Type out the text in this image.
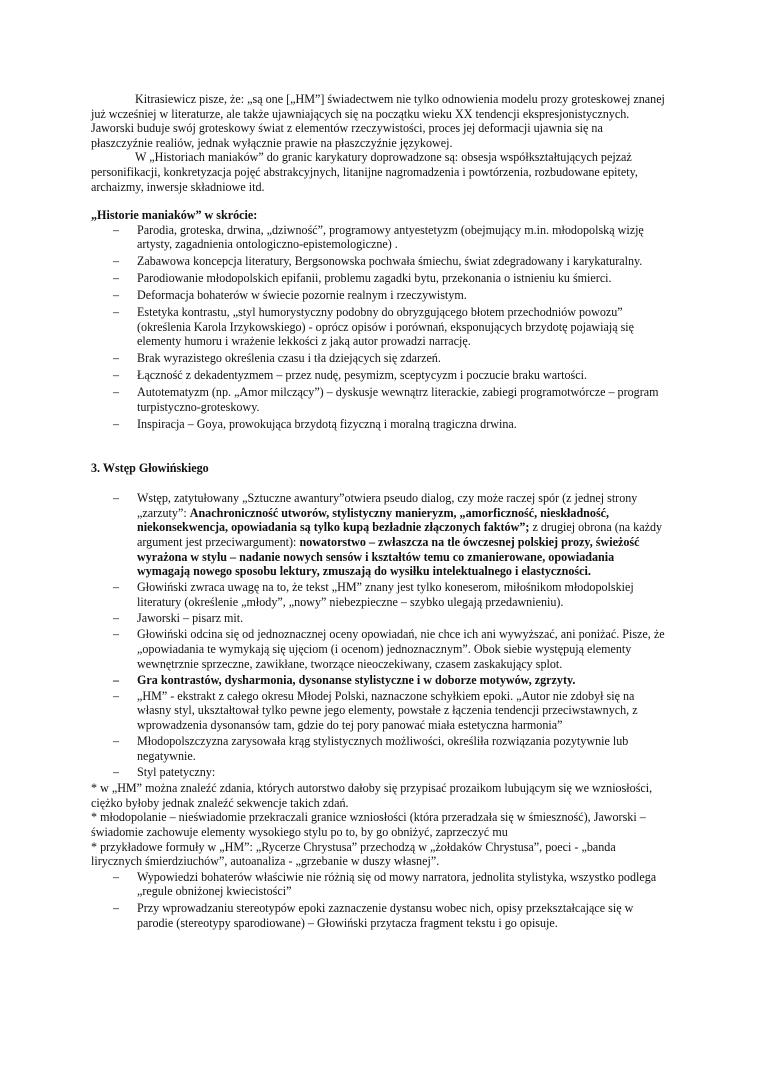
Kitrasiewicz pisze, że: „są one [„HM”] świadectwem nie tylko odnowienia modelu prozy groteskowej znanej już wcześniej w literaturze, ale także ujawniających się na początku wieku XX tendencji ekspresjonistycznych. Jaworski buduje swój groteskowy świat z elementów rzeczywistości, proces jej deformacji ujawnia się na płaszczyźnie realiów, jednak wyłącznie prawie na płaszczyźnie językowej.

W „Historiach maniaków” do granic karykatury doprowadzone są: obsesja współkształtujących pejzaż personifikacji, konkretyzacja pojęć abstrakcyjnych, litanijne nagromadzenia i powtórzenia, rozbudowane epitety, archaizmy, inwersje składniowe itd.

„Historie maniaków” w skrócie:

– Parodia, groteska, drwina, „dziwność”, programowy antyestetyzm (obejmujący m.in. młodopolską wizję artysty, zagadnienia ontologiczno-epistemologiczne) .
– Zabawowa koncepcja literatury, Bergsonowska pochwała śmiechu, świat zdegradowany i karykaturalny.
– Parodiowanie młodopolskich epifanii, problemu zagadki bytu, przekonania o istnieniu ku śmierci.
– Deformacja bohaterów w świecie pozornie realnym i rzeczywistym.
– Estetyka kontrastu, „styl humorystyczny podobny do obryzgującego błotem przechodniów powozu” (określenia Karola Irzykowskiego) - oprócz opisów i porównań, eksponujących brzydotę pojawiają się elementy humoru i wrażenie lekkości z jaką autor prowadzi narrację.
– Brak wyrazistego określenia czasu i tła dziejących się zdarzeń.
– Łączność z dekadentyzmem – przez nudę, pesymizm, sceptycyzm i poczucie braku wartości.
– Autotematyzm (np. „Amor milczący”) – dyskusje wewnątrz literackie, zabiegi programotwórcze – program turpistyczno-groteskowy.
– Inspiracja – Goya, prowokująca brzydotą fizyczną i moralną tragiczna drwina.

3. Wstęp Głowińskiego

– Wstęp, zatytułowany „Sztuczne awantury”otwiera pseudo dialog, czy może raczej spór (z jednej strony „zarzuty”: Anachroniczność utworów, stylistyczny manieryzm, „amorficzność, nieskładność, niekonsekwencja, opowiadania są tylko kupą bezładnie złączonych faktów”; z drugiej obrona (na każdy argument jest przeciwargument): nowatorstwo – zwłaszcza na tle ówczesnej polskiej prozy, świeżość wyrażona w stylu – nadanie nowych sensów i kształtów temu co zmanierowane, opowiadania wymagają nowego sposobu lektury, zmuszają do wysiłku intelektualnego i elastyczności.
– Głowiński zwraca uwagę na to, że tekst „HM” znany jest tylko koneserom, miłośnikom młodopolskiej literatury (określenie „młody”, „nowy” niebezpieczne – szybko ulegają przedawnieniu).
– Jaworski – pisarz mit.
– Głowiński odcina się od jednoznacznej oceny opowiadań, nie chce ich ani wywyższać, ani poniżać. Pisze, że „opowiadania te wymykają się ujęciom (i ocenom) jednoznacznym”. Obok siebie występują elementy wewnętrznie sprzeczne, zawikłane, tworzące nieoczekiwany, czasem zaskakujący splot.
– Gra kontrastów, dysharmonia, dysonanse stylistyczne i w doborze motywów, zgrzyty.
– „HM” - ekstrakt z całego okresu Młodej Polski, naznaczone schyłkiem epoki. „Autor nie zdobył się na własny styl, ukształtował tylko pewne jego elementy, powstałe z łączenia tendencji przeciwstawnych, z wprowadzenia dysonansów tam, gdzie do tej pory panować miała estetyczna harmonia”
– Młodopolszczyzna zarysowała krąg stylistycznych możliwości, określiła rozwiązania pozytywnie lub negatywnie.
– Styl patetyczny:

* w „HM” można znaleźć zdania, których autorstwo dałoby się przypisać prozaikom lubującym się we wzniosłości, ciężko byłoby jednak znaleźć sekwencje takich zdań.

* młodopolanie – nieświadomie przekraczali granice wzniosłości (która przeradzała się w śmieszność), Jaworski – świadomie zachowuje elementy wysokiego stylu po to, by go obniżyć, zaprzeczyć mu

* przykładowe formuły w „HM”: „Rycerze Chrystusa” przechodzą w „żołdaków Chrystusa”, poeci - „banda lirycznych śmierdziuchów”, autoanaliza - „grzebanie w duszy własnej”.

– Wypowiedzi bohaterów właściwie nie różnią się od mowy narratora, jednolita stylistyka, wszystko podlega „regule obniżonej kwiecistości”
– Przy wprowadzaniu stereotypów epoki zaznaczenie dystansu wobec nich, opisy przekształcające się w parodie (stereotypy sparodiowane) – Głowiński przytacza fragment tekstu i go opisuje.
